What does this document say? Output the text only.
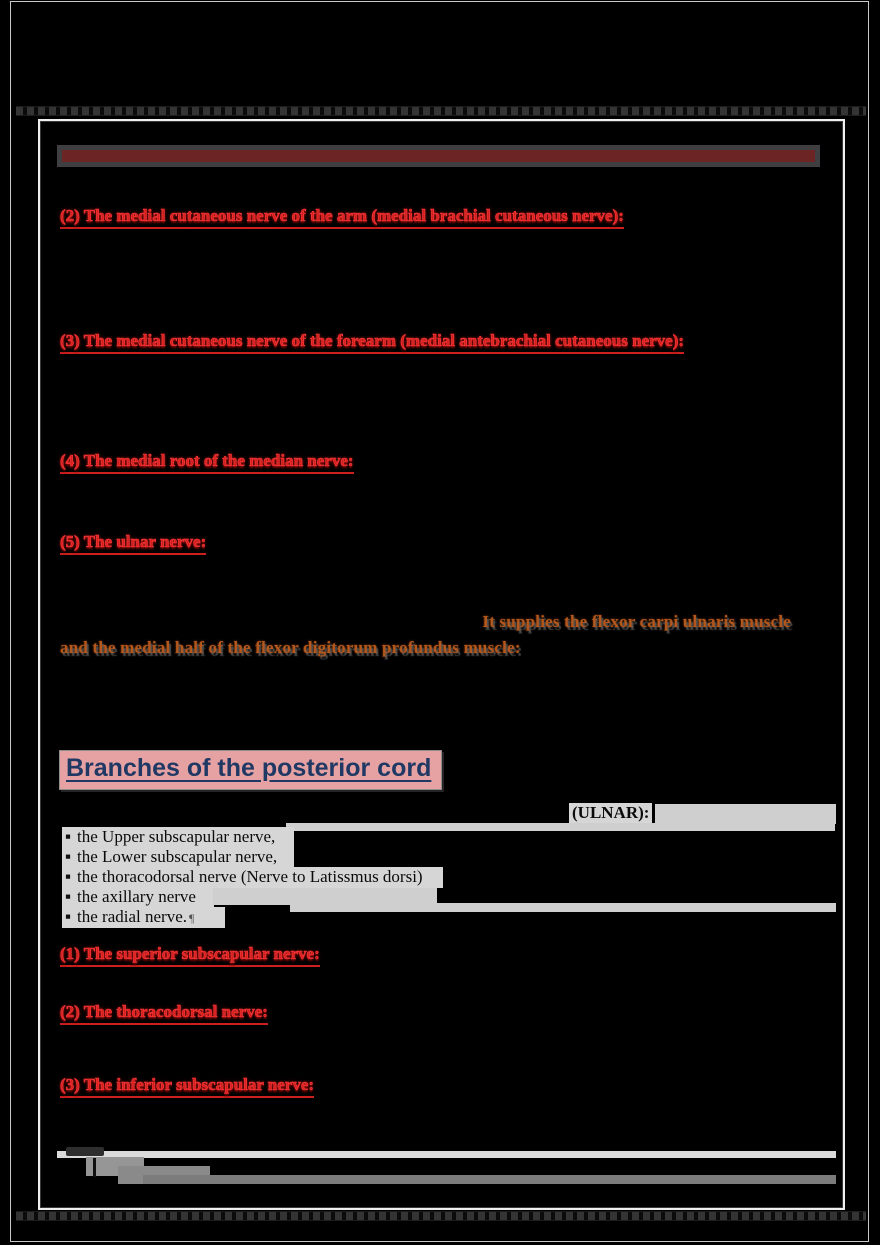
(2) The medial cutaneous nerve of the arm (medial brachial cutaneous nerve):
(3) The medial cutaneous nerve of the forearm (medial antebrachial cutaneous nerve):
(4) The medial root of the median nerve:
(5) The ulnar nerve:
It supplies the flexor carpi ulnaris muscle
and the medial half of the flexor digitorum profundus muscle:
Branches of the posterior cord
(ULNAR):
▪ the Upper subscapular nerve,
▪ the Lower subscapular nerve,
▪ the thoracodorsal nerve (Nerve to Latissmus dorsi)
▪ the axillary nerve
▪ the radial nerve. ¶
(1) The superior subscapular nerve:
(2) The thoracodorsal nerve:
(3) The inferior subscapular nerve:
